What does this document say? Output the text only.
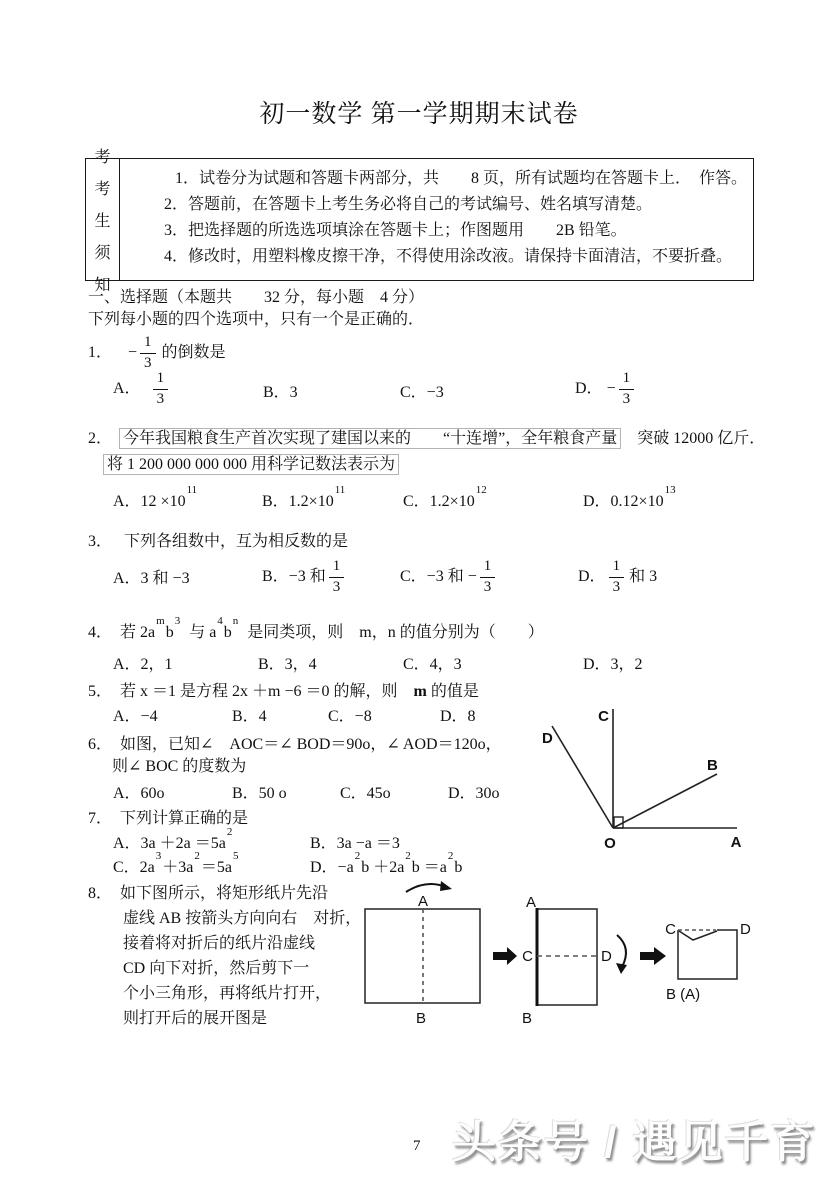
初一数学 第一学期期末试卷
考
考
生
须
知
1．试卷分为试题和答题卡两部分，共　　8 页，所有试题均在答题卡上．　作答。
2．答题前，在答题卡上考生务必将自己的考试编号、姓名填写清楚。
3．把选择题的所选选项填涂在答题卡上；作图题用　　2B 铅笔。
4．修改时，用塑料橡皮擦干净，不得使用涂改液。请保持卡面清洁，不要折叠。
一、选择题（本题共　　32 分，每小题　4 分）
下列每小题的四个选项中，只有一个是正确的．
1． − $\frac{1}{3}$ 的倒数是
A． $\frac{1}{3}$	B．3	C．−3	D． − $\frac{1}{3}$
2． 今年我国粮食生产首次实现了建国以来的　　“十连增”，全年粮食产量　突破 12000 亿斤．
将 1 200 000 000 000 用科学记数法表示为
A．$12 \times 10^{11}$
B．$1.2\times 10^{11}$
C．$1.2\times 10^{12}$
D．$0.12\times 10^{13}$
3． 下列各组数中，互为相反数的是
A．3 和 −3	B．−3 和 $\frac{1}{3}$	C．−3 和 − $\frac{1}{3}$	D． $\frac{1}{3}$ 和 3
4． 若 $2a^mb^3$与 $a^4b^n$是同类项，则　m，n 的值分别为（　　）
A．2，1	B．3，4	C．4，3	D．3，2
5． 若 x ＝1 是方程 2x ＋m −6 ＝0 的解，则　m 的值是
A．−4	B．4	C．−8	D．8
6． 如图，已知∠　AOC＝∠ BOD＝90o，∠ AOD＝120o，
则∠ BOC 的度数为
A．60o	B．50 o	C．45o	D．30o
C
D
B
O	A
7． 下列计算正确的是
A．$3a +2a =5a^2$
B．3a −a ＝3
C．$2a^3+3a^2=5a^5$
D．$-a^2b +2a^2b =a^2b$
8． 如下图所示，将矩形纸片先沿
虚线 AB 按箭头方向向右　对折，
接着将对折后的纸片沿虚线
CD 向下对折，然后剪下一
个小三角形，再将纸片打开，
则打开后的展开图是
A
B
A
C	D
B
C	D
B (A)
7 头条号 / 遇见千育
